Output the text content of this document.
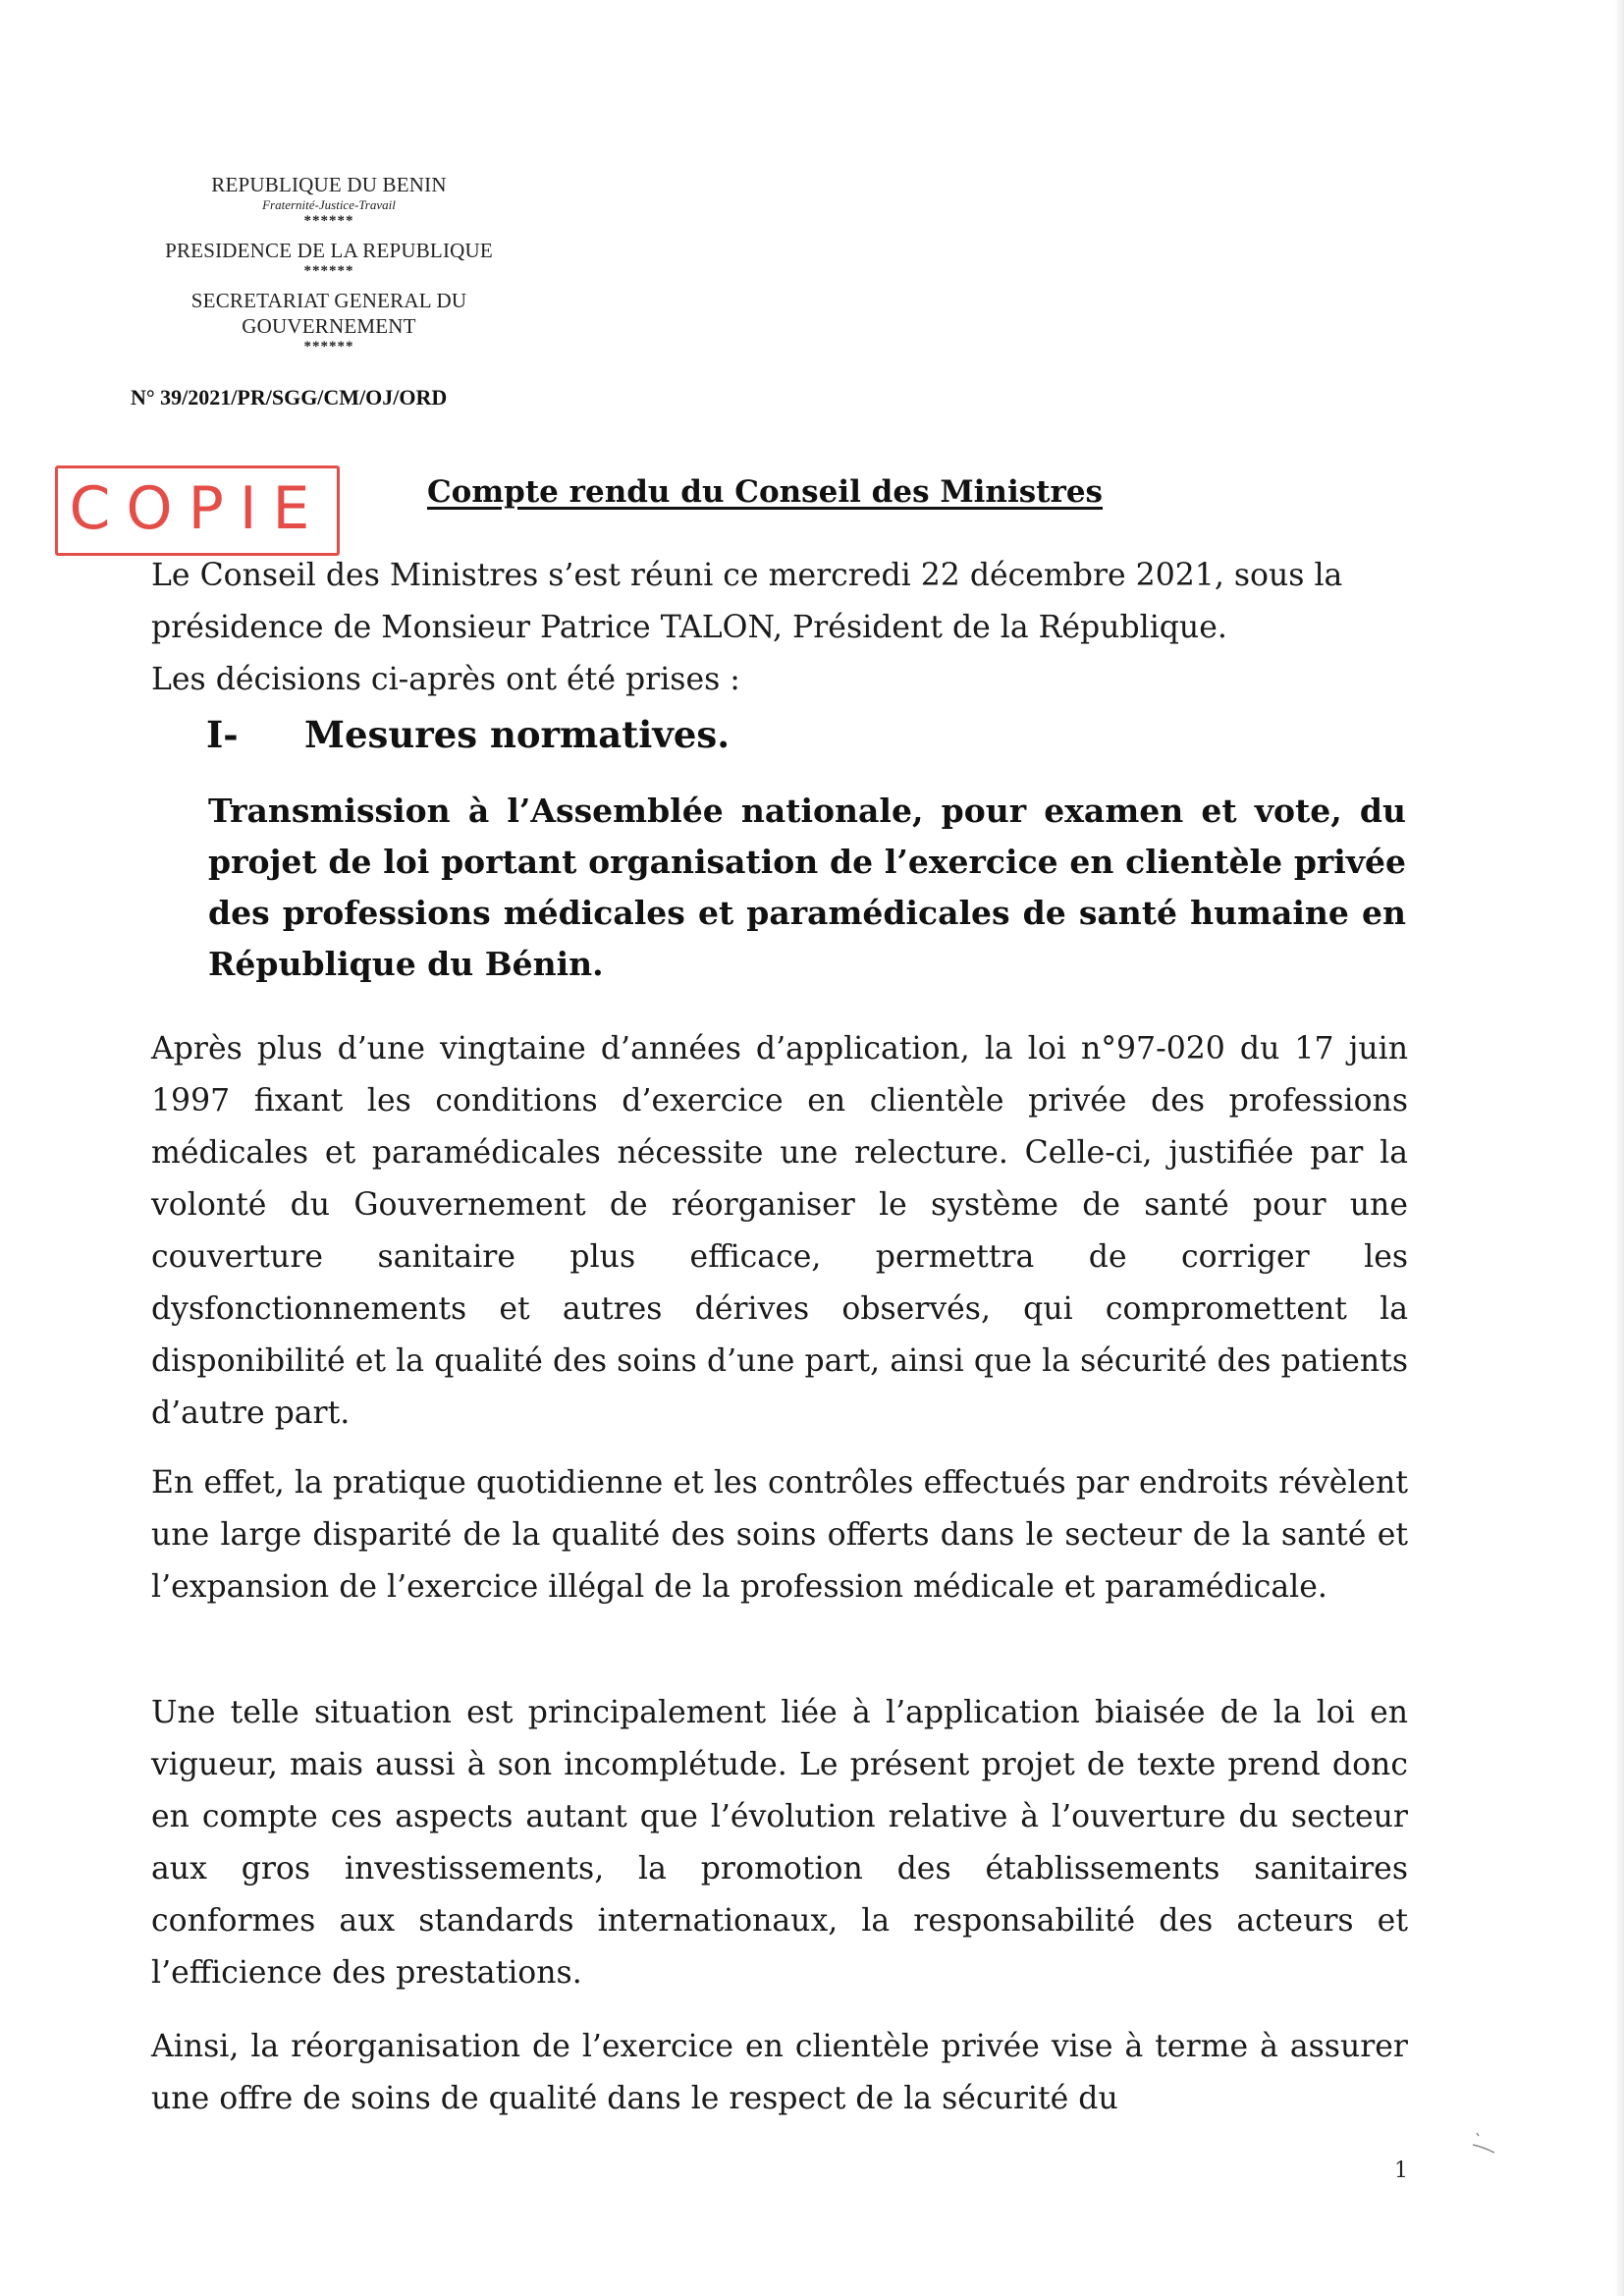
REPUBLIQUE DU BENIN
Fraternité-Justice-Travail
******
PRESIDENCE DE LA REPUBLIQUE
******
SECRETARIAT GENERAL DU
GOUVERNEMENT
******
N° 39/2021/PR/SGG/CM/OJ/ORD
COPIE	Compte rendu du Conseil des Ministres
Le Conseil des Ministres s’est réuni ce mercredi 22 décembre 2021, sous la
présidence de Monsieur Patrice TALON, Président de la République.
Les décisions ci-après ont été prises :
I- Mesures normatives.

Transmission à l’Assemblée nationale, pour examen et vote, du projet de loi portant organisation de l’exercice en clientèle privée des professions médicales et paramédicales de santé humaine en République du Bénin.

Après plus d’une vingtaine d’années d’application, la loi n°97-020 du 17 juin 1997 fixant les conditions d’exercice en clientèle privée des professions médicales et paramédicales nécessite une relecture. Celle-ci, justifiée par la volonté du Gouvernement de réorganiser le système de santé pour une couverture sanitaire plus efficace, permettra de corriger les dysfonctionnements et autres dérives observés, qui compromettent la disponibilité et la qualité des soins d’une part, ainsi que la sécurité des patients d’autre part.

En effet, la pratique quotidienne et les contrôles effectués par endroits révèlent une large disparité de la qualité des soins offerts dans le secteur de la santé et l’expansion de l’exercice illégal de la profession médicale et paramédicale.

Une telle situation est principalement liée à l’application biaisée de la loi en vigueur, mais aussi à son incomplétude. Le présent projet de texte prend donc en compte ces aspects autant que l’évolution relative à l’ouverture du secteur aux gros investissements, la promotion des établissements sanitaires conformes aux standards internationaux, la responsabilité des acteurs et l’efficience des prestations.

Ainsi, la réorganisation de l’exercice en clientèle privée vise à terme à assurer une offre de soins de qualité dans le respect de la sécurité du

1
